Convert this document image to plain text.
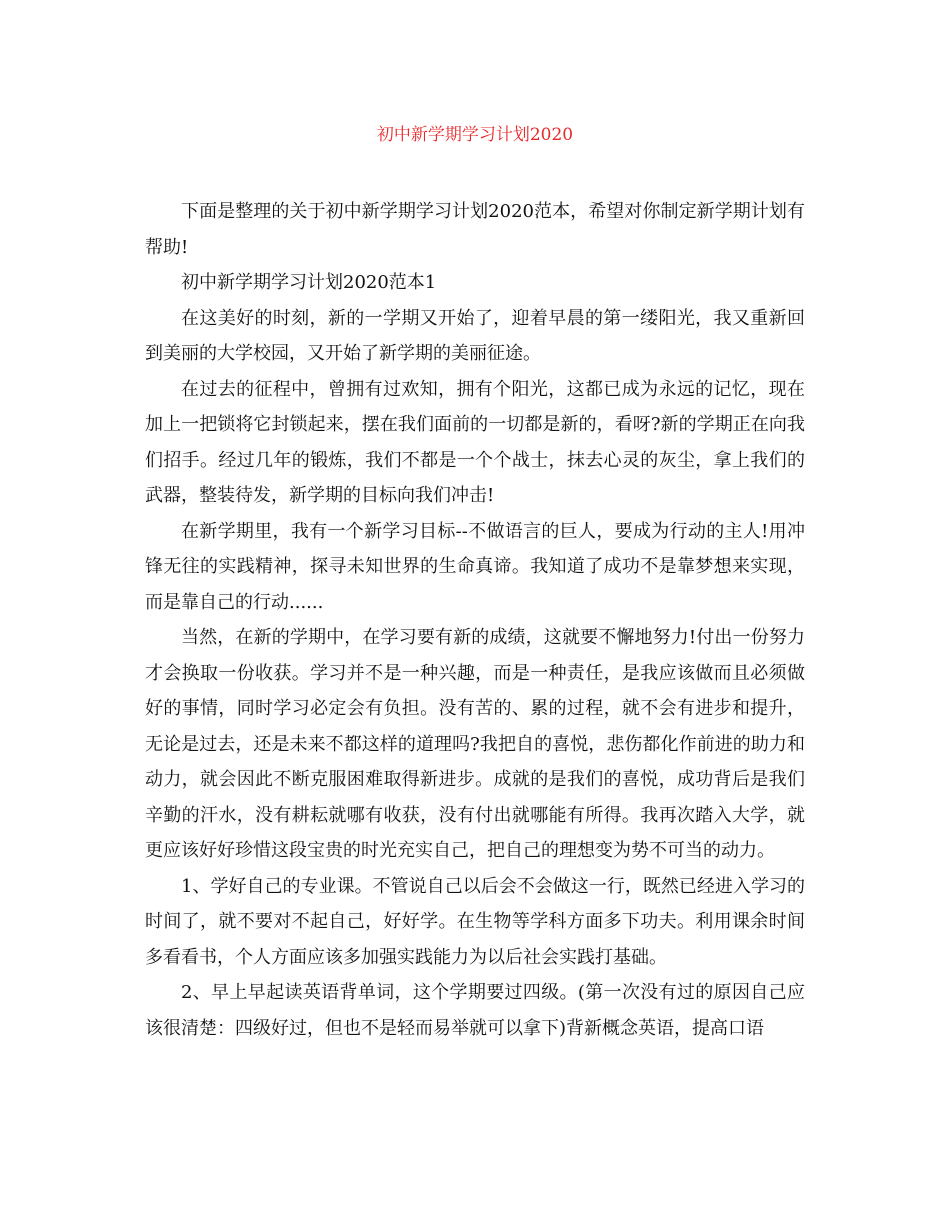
初中新学期学习计划2020

下面是整理的关于初中新学期学习计划2020范本，希望对你制定新学期计划有帮助!

初中新学期学习计划2020范本1

在这美好的时刻，新的一学期又开始了，迎着早晨的第一缕阳光，我又重新回到美丽的大学校园，又开始了新学期的美丽征途。

在过去的征程中，曾拥有过欢知，拥有个阳光，这都已成为永远的记忆，现在加上一把锁将它封锁起来，摆在我们面前的一切都是新的，看呀?新的学期正在向我们招手。经过几年的锻炼，我们不都是一个个战士，抹去心灵的灰尘，拿上我们的武器，整装待发，新学期的目标向我们冲击!

在新学期里，我有一个新学习目标--不做语言的巨人，要成为行动的主人!用冲锋无往的实践精神，探寻未知世界的生命真谛。我知道了成功不是靠梦想来实现，而是靠自己的行动......

当然，在新的学期中，在学习要有新的成绩，这就要不懈地努力!付出一份努力才会换取一份收获。学习并不是一种兴趣，而是一种责任，是我应该做而且必须做好的事情，同时学习必定会有负担。没有苦的、累的过程，就不会有进步和提升，无论是过去，还是未来不都这样的道理吗?我把自的喜悦，悲伤都化作前进的助力和动力，就会因此不断克服困难取得新进步。成就的是我们的喜悦，成功背后是我们辛勤的汗水，没有耕耘就哪有收获，没有付出就哪能有所得。我再次踏入大学，就更应该好好珍惜这段宝贵的时光充实自己，把自己的理想变为势不可当的动力。

1、学好自己的专业课。不管说自己以后会不会做这一行，既然已经进入学习的时间了，就不要对不起自己，好好学。在生物等学科方面多下功夫。利用课余时间多看看书，个人方面应该多加强实践能力为以后社会实践打基础。

2、早上早起读英语背单词，这个学期要过四级。(第一次没有过的原因自己应该很清楚：四级好过，但也不是轻而易举就可以拿下)背新概念英语，提高口语
